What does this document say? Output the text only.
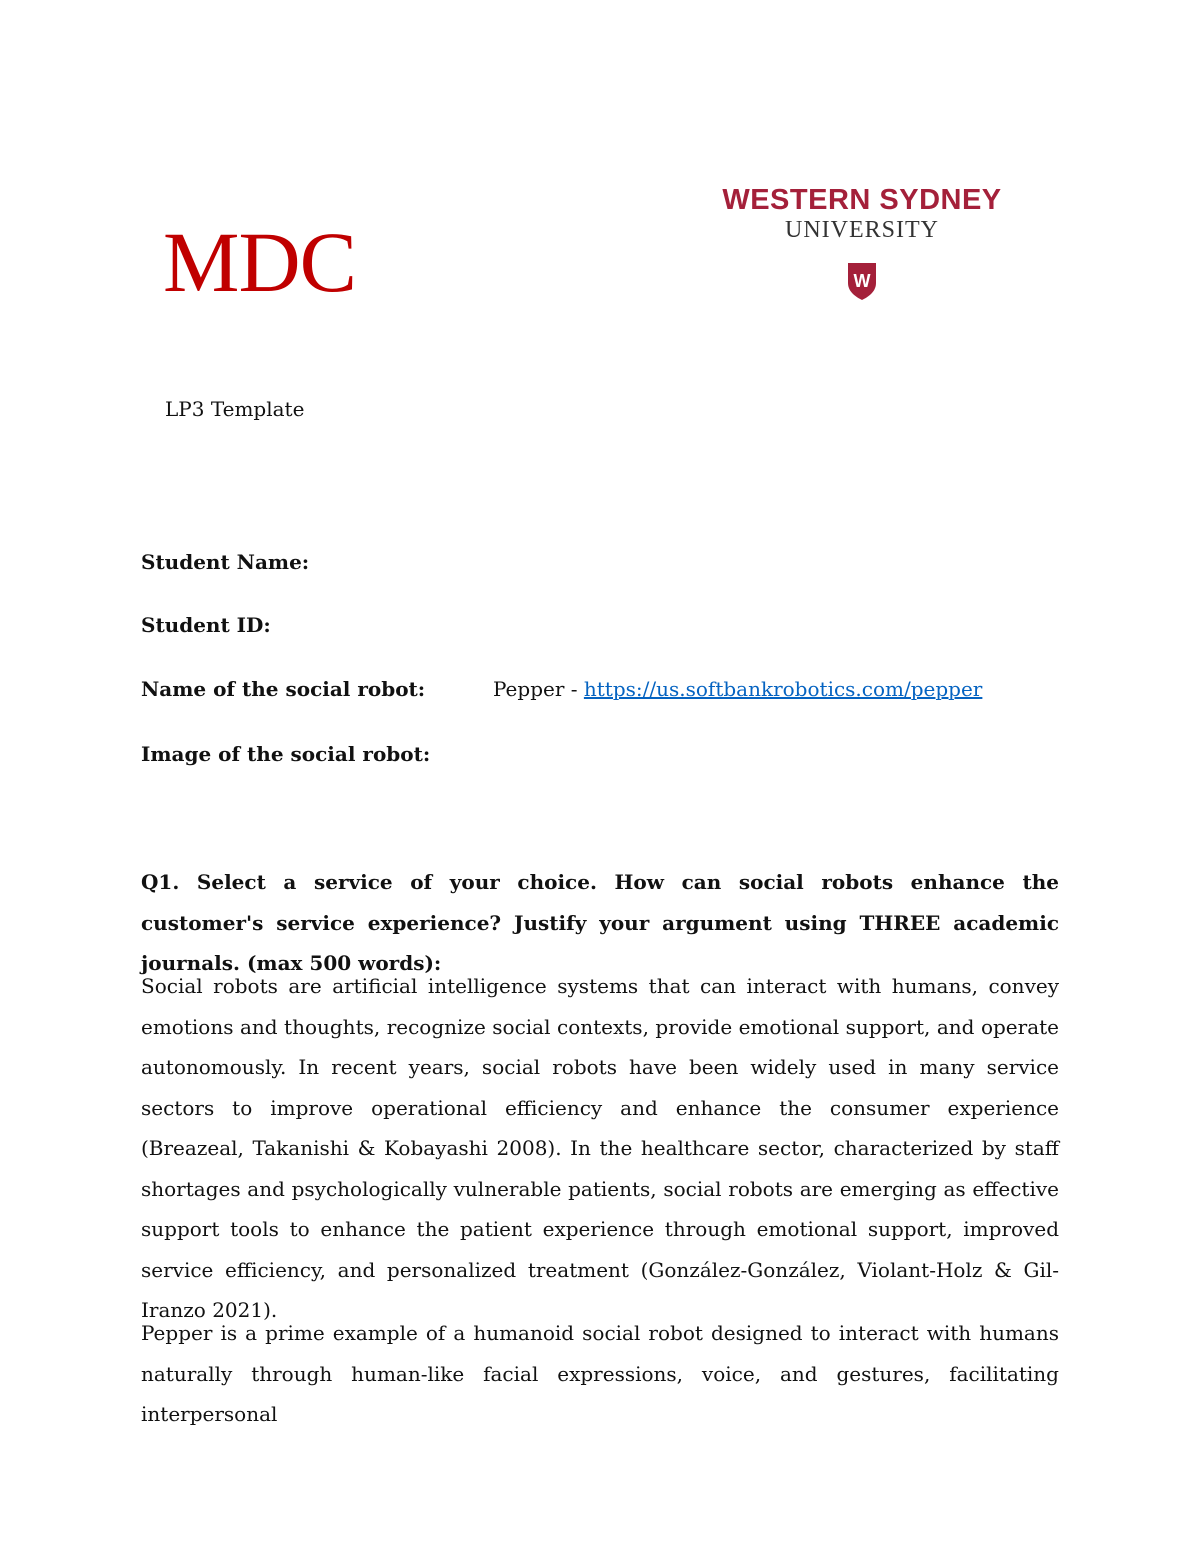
MDC
WESTERN SYDNEY
UNIVERSITY
W
LP3 Template
Student Name:
Student ID:
Name of the social robot:	Pepper - https://us.softbankrobotics.com/pepper
Image of the social robot:
Q1. Select a service of your choice. How can social robots enhance the customer's service experience? Justify your argument using THREE academic journals. (max 500 words):
Social robots are artificial intelligence systems that can interact with humans, convey emotions and thoughts, recognize social contexts, provide emotional support, and operate autonomously. In recent years, social robots have been widely used in many service sectors to improve operational efficiency and enhance the consumer experience (Breazeal, Takanishi & Kobayashi 2008). In the healthcare sector, characterized by staff shortages and psychologically vulnerable patients, social robots are emerging as effective support tools to enhance the patient experience through emotional support, improved service efficiency, and personalized treatment (González-González, Violant-Holz & Gil-Iranzo 2021).
Pepper is a prime example of a humanoid social robot designed to interact with humans naturally through human-like facial expressions, voice, and gestures, facilitating interpersonal
